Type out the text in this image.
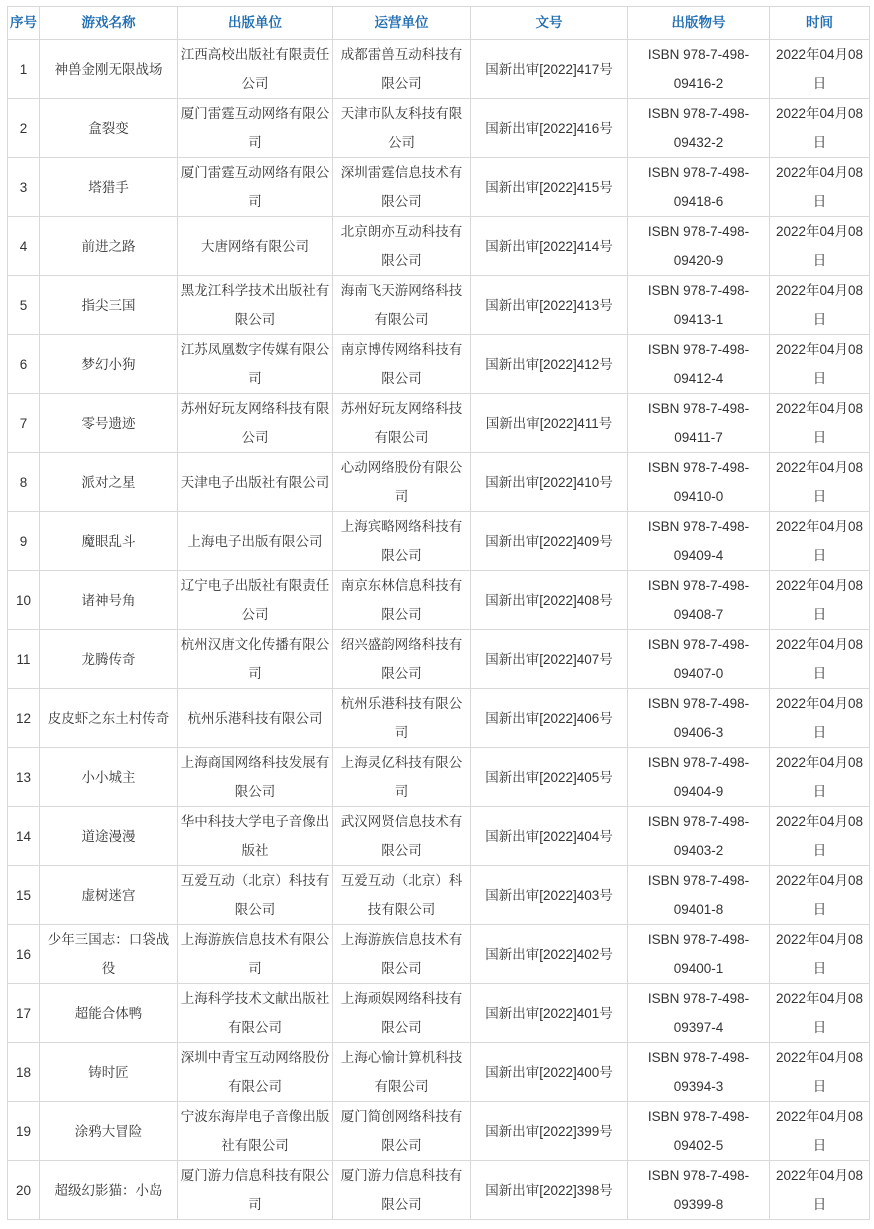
序号	游戏名称	出版单位	运营单位	文号	出版物号	时间
1	神兽金刚无限战场	江西高校出版社有限责任公司	成都雷兽互动科技有限公司	国新出审[2022]417号	ISBN 978-7-498-09416-2	2022年04月08日
2	盒裂变	厦门雷霆互动网络有限公司	天津市队友科技有限公司	国新出审[2022]416号	ISBN 978-7-498-09432-2	2022年04月08日
3	塔猎手	厦门雷霆互动网络有限公司	深圳雷霆信息技术有限公司	国新出审[2022]415号	ISBN 978-7-498-09418-6	2022年04月08日
4	前进之路	大唐网络有限公司	北京朗亦互动科技有限公司	国新出审[2022]414号	ISBN 978-7-498-09420-9	2022年04月08日
5	指尖三国	黑龙江科学技术出版社有限公司	海南飞天游网络科技有限公司	国新出审[2022]413号	ISBN 978-7-498-09413-1	2022年04月08日
6	梦幻小狗	江苏凤凰数字传媒有限公司	南京博传网络科技有限公司	国新出审[2022]412号	ISBN 978-7-498-09412-4	2022年04月08日
7	零号遗迹	苏州好玩友网络科技有限公司	苏州好玩友网络科技有限公司	国新出审[2022]411号	ISBN 978-7-498-09411-7	2022年04月08日
8	派对之星	天津电子出版社有限公司	心动网络股份有限公司	国新出审[2022]410号	ISBN 978-7-498-09410-0	2022年04月08日
9	魔眼乱斗	上海电子出版有限公司	上海宾略网络科技有限公司	国新出审[2022]409号	ISBN 978-7-498-09409-4	2022年04月08日
10	诸神号角	辽宁电子出版社有限责任公司	南京东林信息科技有限公司	国新出审[2022]408号	ISBN 978-7-498-09408-7	2022年04月08日
11	龙腾传奇	杭州汉唐文化传播有限公司	绍兴盛韵网络科技有限公司	国新出审[2022]407号	ISBN 978-7-498-09407-0	2022年04月08日
12	皮皮虾之东土村传奇	杭州乐港科技有限公司	杭州乐港科技有限公司	国新出审[2022]406号	ISBN 978-7-498-09406-3	2022年04月08日
13	小小城主	上海商国网络科技发展有限公司	上海灵亿科技有限公司	国新出审[2022]405号	ISBN 978-7-498-09404-9	2022年04月08日
14	道途漫漫	华中科技大学电子音像出版社	武汉网贤信息技术有限公司	国新出审[2022]404号	ISBN 978-7-498-09403-2	2022年04月08日
15	虚树迷宫	互爱互动（北京）科技有限公司	互爱互动（北京）科技有限公司	国新出审[2022]403号	ISBN 978-7-498-09401-8	2022年04月08日
16	少年三国志：口袋战役	上海游族信息技术有限公司	上海游族信息技术有限公司	国新出审[2022]402号	ISBN 978-7-498-09400-1	2022年04月08日
17	超能合体鸭	上海科学技术文献出版社有限公司	上海顽娱网络科技有限公司	国新出审[2022]401号	ISBN 978-7-498-09397-4	2022年04月08日
18	铸时匠	深圳中青宝互动网络股份有限公司	上海心愉计算机科技有限公司	国新出审[2022]400号	ISBN 978-7-498-09394-3	2022年04月08日
19	涂鸦大冒险	宁波东海岸电子音像出版社有限公司	厦门简创网络科技有限公司	国新出审[2022]399号	ISBN 978-7-498-09402-5	2022年04月08日
20	超级幻影猫：小岛	厦门游力信息科技有限公司	厦门游力信息科技有限公司	国新出审[2022]398号	ISBN 978-7-498-09399-8	2022年04月08日
